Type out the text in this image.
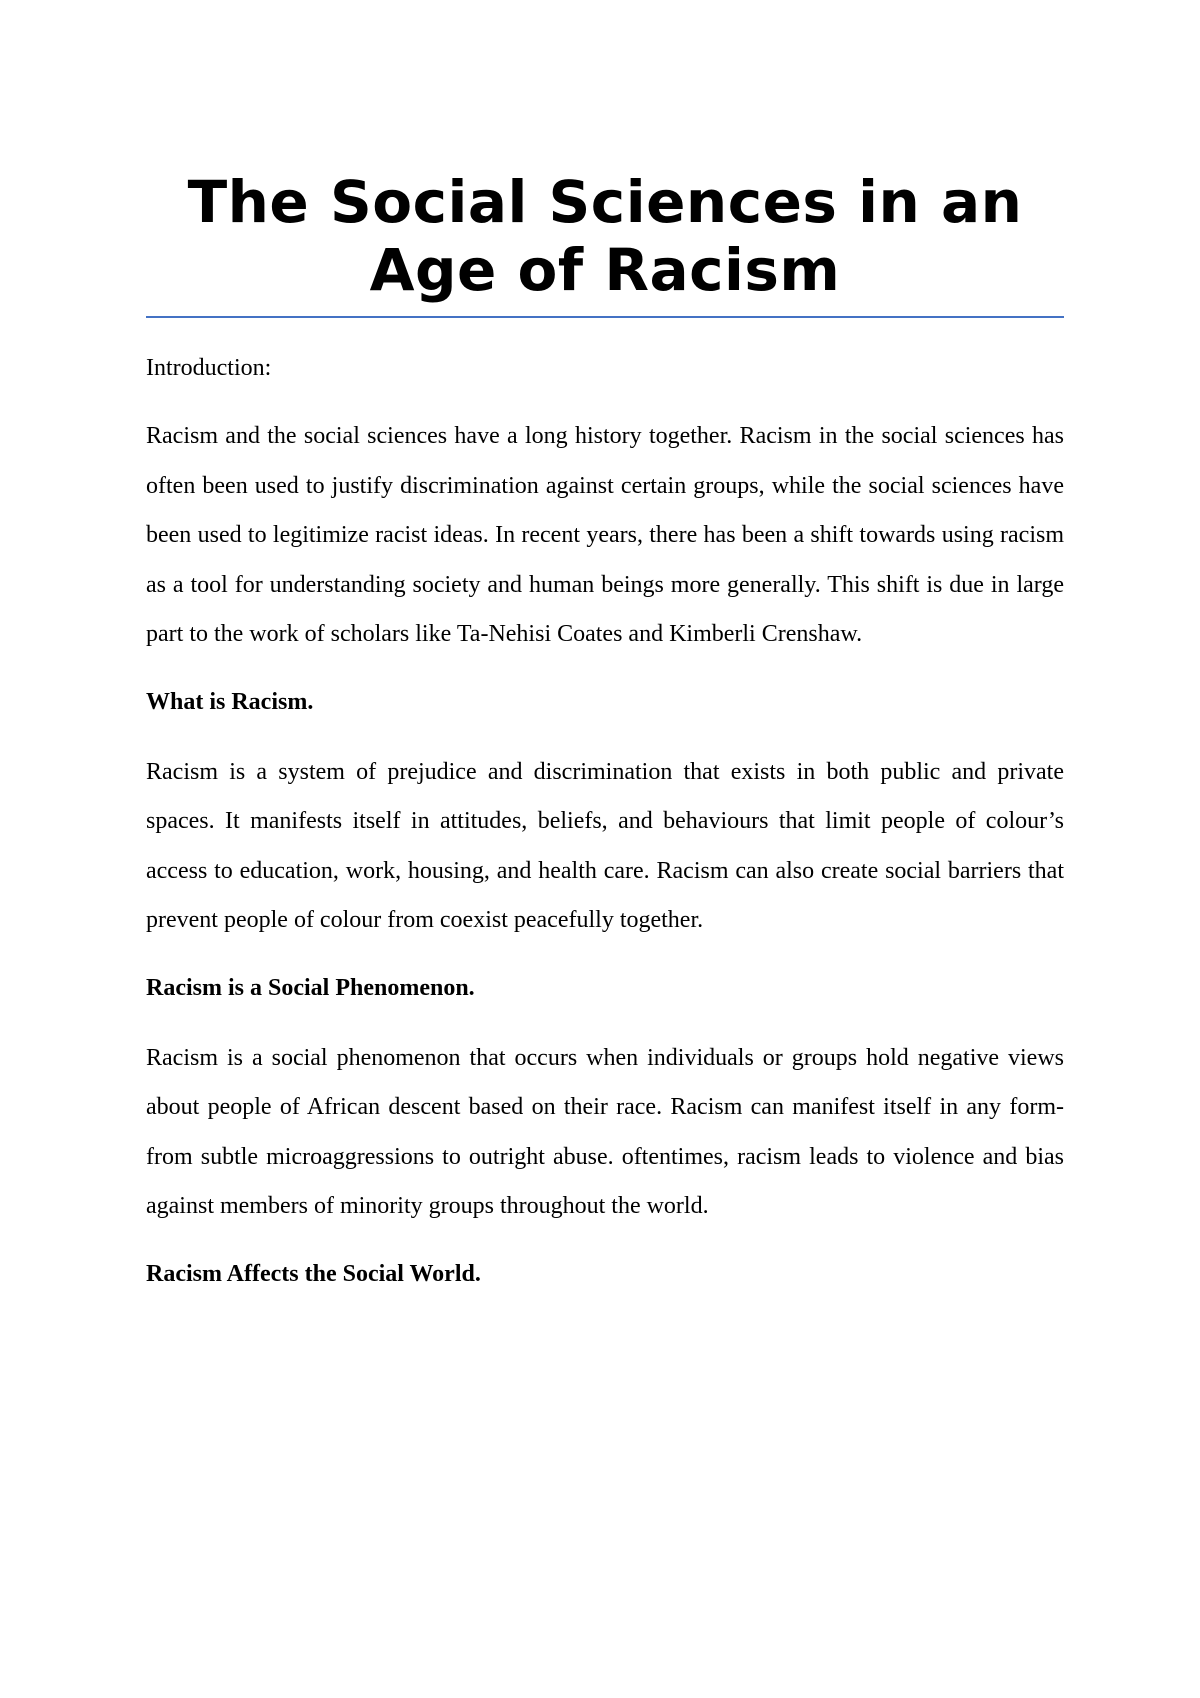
The Social Sciences in an Age of Racism

Introduction:

Racism and the social sciences have a long history together. Racism in the social sciences has often been used to justify discrimination against certain groups, while the social sciences have been used to legitimize racist ideas. In recent years, there has been a shift towards using racism as a tool for understanding society and human beings more generally. This shift is due in large part to the work of scholars like Ta-Nehisi Coates and Kimberli Crenshaw.

What is Racism.

Racism is a system of prejudice and discrimination that exists in both public and private spaces. It manifests itself in attitudes, beliefs, and behaviours that limit people of colour’s access to education, work, housing, and health care. Racism can also create social barriers that prevent people of colour from coexist peacefully together.

Racism is a Social Phenomenon.

Racism is a social phenomenon that occurs when individuals or groups hold negative views about people of African descent based on their race. Racism can manifest itself in any form- from subtle microaggressions to outright abuse. oftentimes, racism leads to violence and bias against members of minority groups throughout the world.

Racism Affects the Social World.
